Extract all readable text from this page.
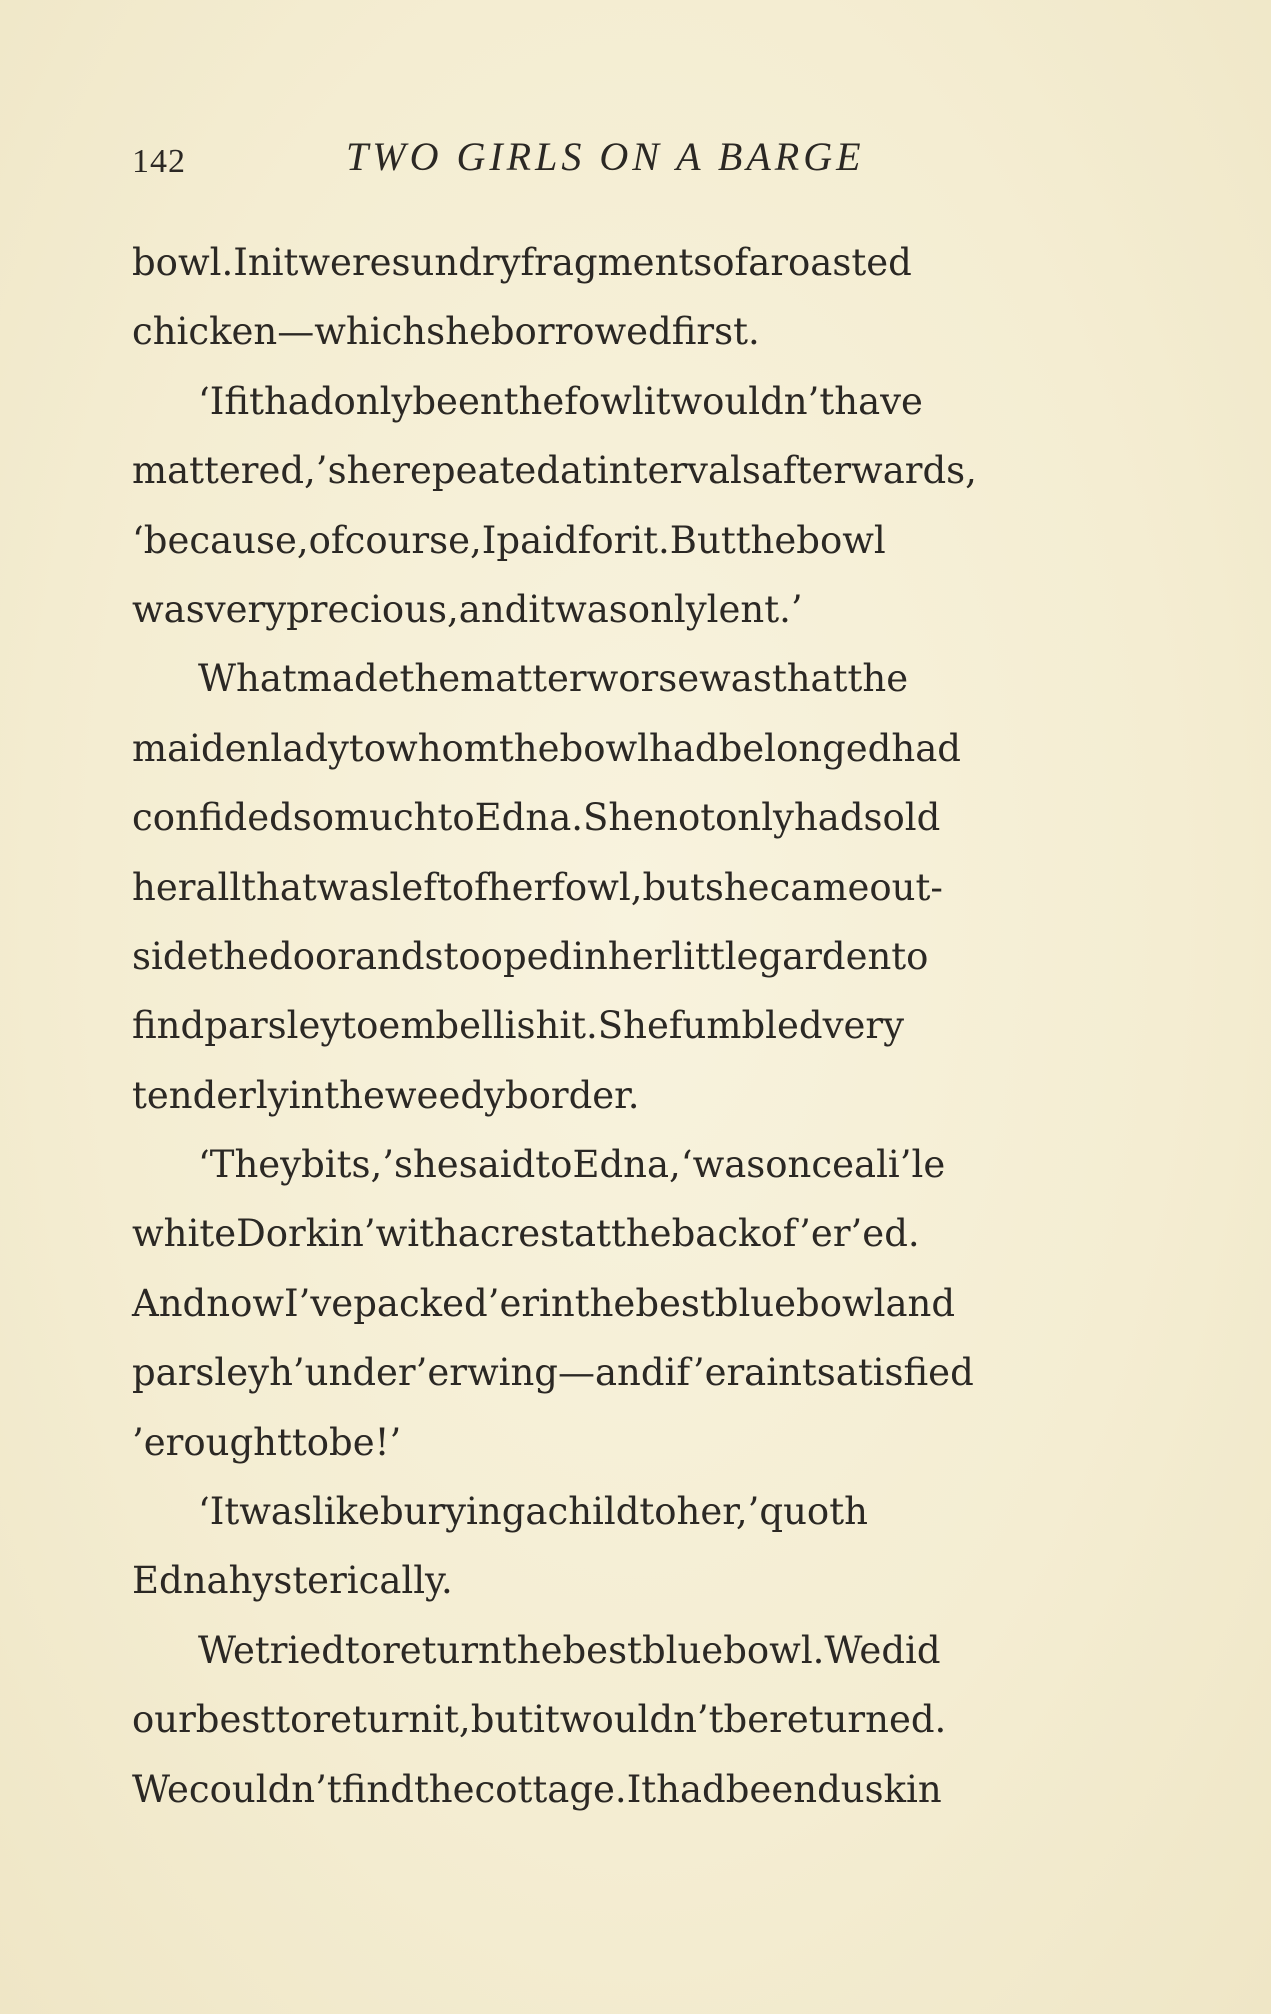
142	TWO GIRLS ON A BARGE
bowl.Initweresundryfragmentsofaroasted
chicken—whichsheborrowedfirst.
‘Ifithadonlybeenthefowlitwouldn’thave
mattered,’sherepeatedatintervalsafterwards,
‘because,ofcourse,Ipaidforit.Butthebowl
wasveryprecious,anditwasonlylent.’
Whatmadethematterworsewasthatthe
maidenladytowhomthebowlhadbelongedhad
confidedsomuchtoEdna.Shenotonlyhadsold
herallthatwasleftofherfowl,butshecameout-
sidethedoorandstoopedinherlittlegardento
findparsleytoembellishit.Shefumbledvery
tenderlyintheweedyborder.
‘Theybits,’shesaidtoEdna,‘wasonceali’le
whiteDorkin’withacrestatthebackof’er’ed.
AndnowI’vepacked’erinthebestbluebowland
parsleyh’under’erwing—andif’eraintsatisfied
’eroughttobe!’
‘Itwaslikeburyingachildtoher,’quoth
Ednahysterically.
Wetriedtoreturnthebestbluebowl.Wedid
ourbesttoreturnit,butitwouldn’tbereturned.
Wecouldn’tfindthecottage.Ithadbeenduskin
